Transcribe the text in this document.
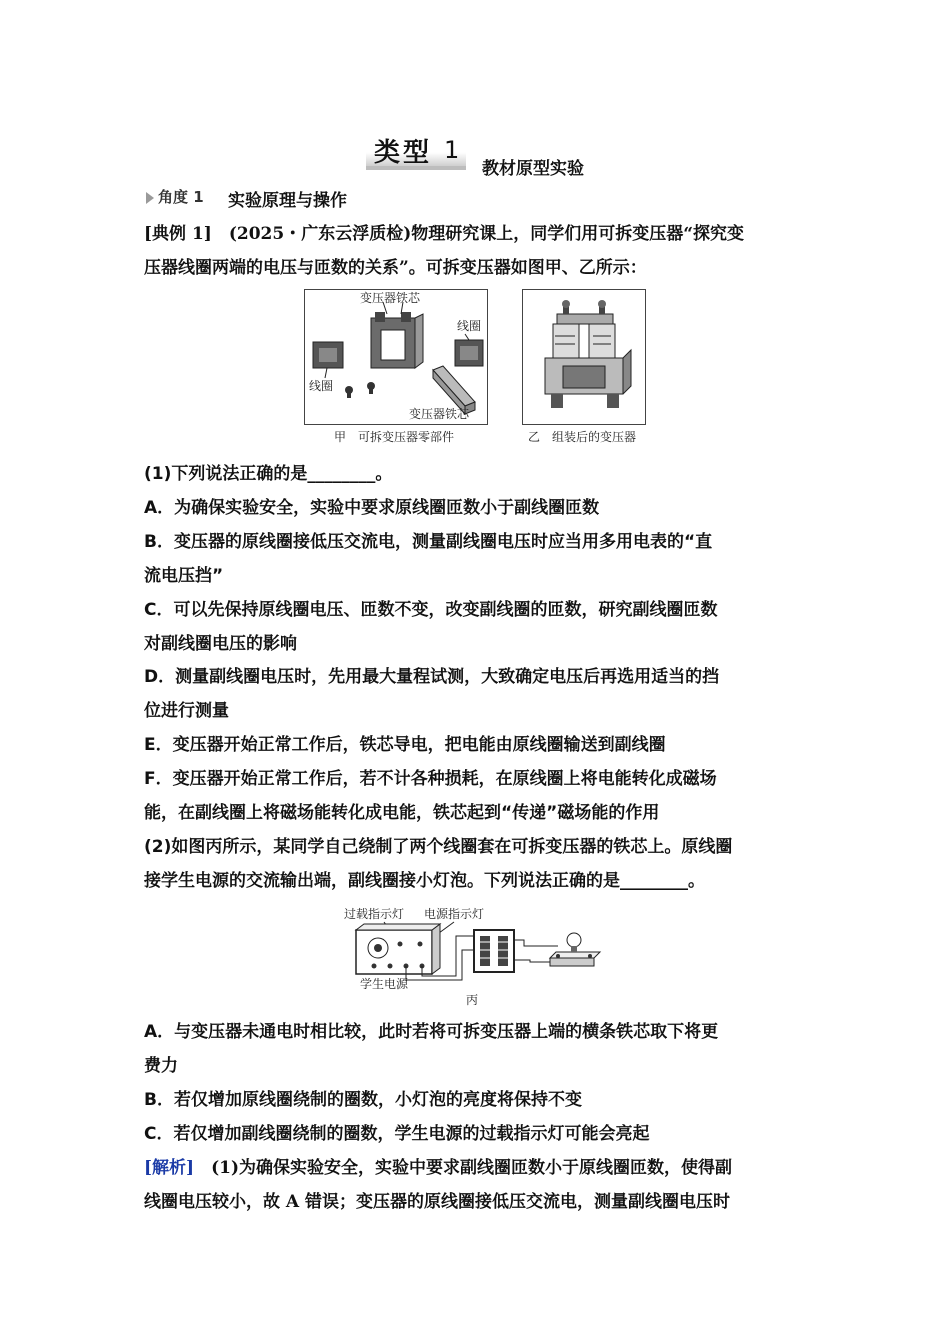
类型 1
教材原型实验
角度 1 实验原理与操作
[典例 1]　(2025・广东云浮质检)物理研究课上，同学们用可拆变压器“探究变
压器线圈两端的电压与匝数的关系”。可拆变压器如图甲、乙所示：
变压器铁芯
线圈
线圈
变压器铁芯
甲　可拆变压器零部件	乙　组装后的变压器
(1)下列说法正确的是________。
A．为确保实验安全，实验中要求原线圈匝数小于副线圈匝数
B．变压器的原线圈接低压交流电，测量副线圈电压时应当用多用电表的“直
流电压挡”
C．可以先保持原线圈电压、匝数不变，改变副线圈的匝数，研究副线圈匝数
对副线圈电压的影响
D．测量副线圈电压时，先用最大量程试测，大致确定电压后再选用适当的挡
位进行测量
E．变压器开始正常工作后，铁芯导电，把电能由原线圈输送到副线圈
F．变压器开始正常工作后，若不计各种损耗，在原线圈上将电能转化成磁场
能，在副线圈上将磁场能转化成电能，铁芯起到“传递”磁场能的作用
(2)如图丙所示，某同学自己绕制了两个线圈套在可拆变压器的铁芯上。原线圈
接学生电源的交流输出端，副线圈接小灯泡。下列说法正确的是________。
过载指示灯 电源指示灯
学生电源
丙
A．与变压器未通电时相比较，此时若将可拆变压器上端的横条铁芯取下将更
费力
B．若仅增加原线圈绕制的圈数，小灯泡的亮度将保持不变
C．若仅增加副线圈绕制的圈数，学生电源的过载指示灯可能会亮起
[解析]　(1)为确保实验安全，实验中要求副线圈匝数小于原线圈匝数，使得副
线圈电压较小，故 A 错误；变压器的原线圈接低压交流电，测量副线圈电压时
